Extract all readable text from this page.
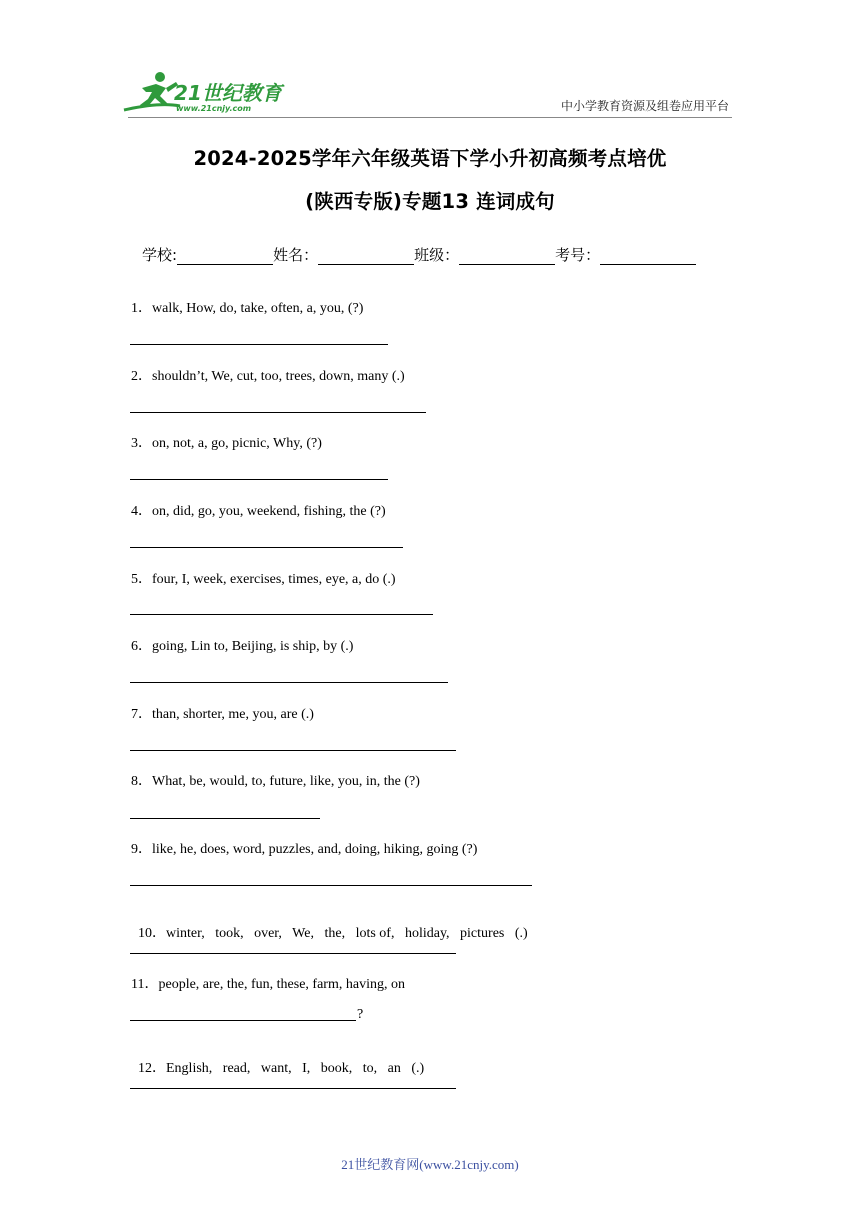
21世纪教育
www.21cnjy.com	中小学教育资源及组卷应用平台
2024-2025学年六年级英语下学小升初高频考点培优
(陕西专版)专题13 连词成句
学校:	姓名：	班级：	考号：
1．walk, How, do, take, often, a, you, (?)
2．shouldn’t, We, cut, too, trees, down, many (.)
3．on, not, a, go, picnic, Why, (?)
4．on, did, go, you, weekend, fishing, the (?)
5．four, I, week, exercises, times, eye, a, do (.)
6．going, Lin to, Beijing, is ship, by (.)
7．than, shorter, me, you, are (.)
8．What, be, would, to, future, like, you, in, the (?)
9．like, he, does, word, puzzles, and, doing, hiking, going (?)

10．winter,   took,   over,   We,   the,   lots of,   holiday,   pictures   (.)

11．people, are, the, fun, these, farm, having, on
?

12．English,   read,   want,   I,   book,   to,   an   (.)

21世纪教育网(www.21cnjy.com)
